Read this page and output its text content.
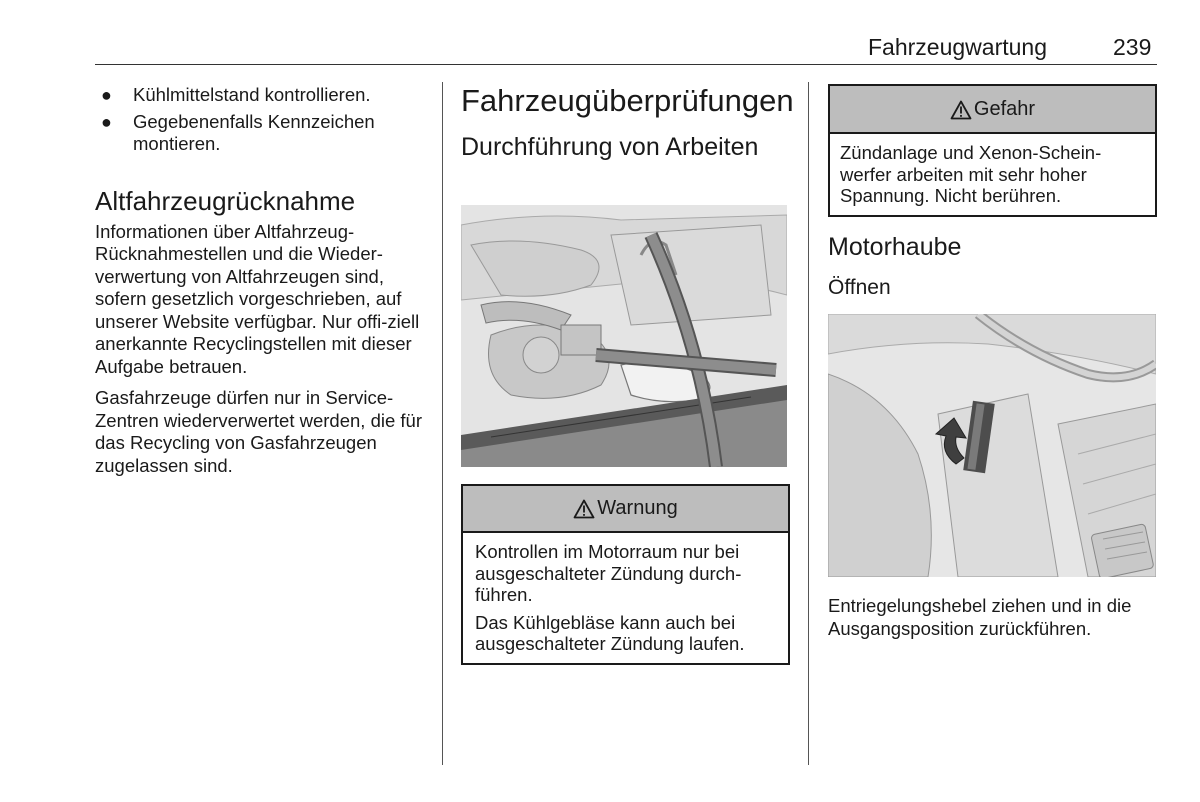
Fahrzeugwartung	239
● Kühlmittelstand kontrollieren.
● Gegebenenfalls Kennzeichen montieren.
Altfahrzeugrücknahme

Informationen über Altfahrzeug-Rücknahmestellen und die Wieder-verwertung von Altfahrzeugen sind, sofern gesetzlich vorgeschrieben, auf unserer Website verfügbar. Nur offi-ziell anerkannte Recyclingstellen mit dieser Aufgabe betrauen.

Gasfahrzeuge dürfen nur in Service-Zentren wiederverwertet werden, die für das Recycling von Gasfahrzeugen zugelassen sind.

Fahrzeugüberprüfungen
Durchführung von Arbeiten
Warnung

Kontrollen im Motorraum nur bei ausgeschalteter Zündung durch-führen.

Das Kühlgebläse kann auch bei ausgeschalteter Zündung laufen.

Gefahr

Zündanlage und Xenon-Schein-werfer arbeiten mit sehr hoher Spannung. Nicht berühren.

Motorhaube
Öffnen

Entriegelungshebel ziehen und in die Ausgangsposition zurückführen.
